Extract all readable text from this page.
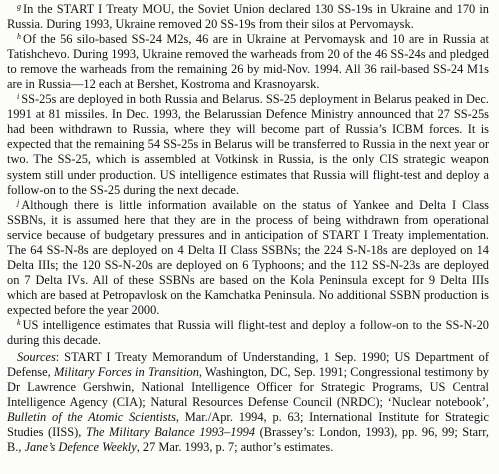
$^g$ In the START I Treaty MOU, the Soviet Union declared 130 SS-19s in Ukraine and 170 in Russia. During 1993, Ukraine removed 20 SS-19s from their silos at Pervomaysk.

$^h$ Of the 56 silo-based SS-24 M2s, 46 are in Ukraine at Pervomaysk and 10 are in Russia at Tatishchevo. During 1993, Ukraine removed the warheads from 20 of the 46 SS-24s and pledged to remove the warheads from the remaining 26 by mid-Nov. 1994. All 36 rail-based SS-24 M1s are in Russia—12 each at Bershet, Kostroma and Krasnoyarsk.

$^i$ SS-25s are deployed in both Russia and Belarus. SS-25 deployment in Belarus peaked in Dec. 1991 at 81 missiles. In Dec. 1993, the Belarussian Defence Ministry announced that 27 SS-25s had been withdrawn to Russia, where they will become part of Russia’s ICBM forces. It is expected that the remaining 54 SS-25s in Belarus will be transferred to Russia in the next year or two. The SS-25, which is assembled at Votkinsk in Russia, is the only CIS strategic weapon system still under production. US intelligence estimates that Russia will flight-test and deploy a follow-on to the SS-25 during the next decade.

$^j$ Although there is little information available on the status of Yankee and Delta I Class SSBNs, it is assumed here that they are in the process of being withdrawn from operational service because of budgetary pressures and in anticipation of START I Treaty implementation. The 64 SS-N-8s are deployed on 4 Delta II Class SSBNs; the 224 S-N-18s are deployed on 14 Delta IIIs; the 120 SS-N-20s are deployed on 6 Typhoons; and the 112 SS-N-23s are deployed on 7 Delta IVs. All of these SSBNs are based on the Kola Peninsula except for 9 Delta IIIs which are based at Petropavlosk on the Kamchatka Peninsula. No additional SSBN production is expected before the year 2000.

$^k$ US intelligence estimates that Russia will flight-test and deploy a follow-on to the SS-N-20 during this decade.

Sources: START I Treaty Memorandum of Understanding, 1 Sep. 1990; US Department of Defense, Military Forces in Transition, Washington, DC, Sep. 1991; Congressional testimony by Dr Lawrence Gershwin, National Intelligence Officer for Strategic Programs, US Central Intelligence Agency (CIA); Natural Resources Defense Council (NRDC); ‘Nuclear notebook’, Bulletin of the Atomic Scientists, Mar./Apr. 1994, p. 63; International Institute for Strategic Studies (IISS), The Military Balance 1993–1994 (Brassey’s: London, 1993), pp. 96, 99; Starr, B., Jane’s Defence Weekly, 27 Mar. 1993, p. 7; author’s estimates.
